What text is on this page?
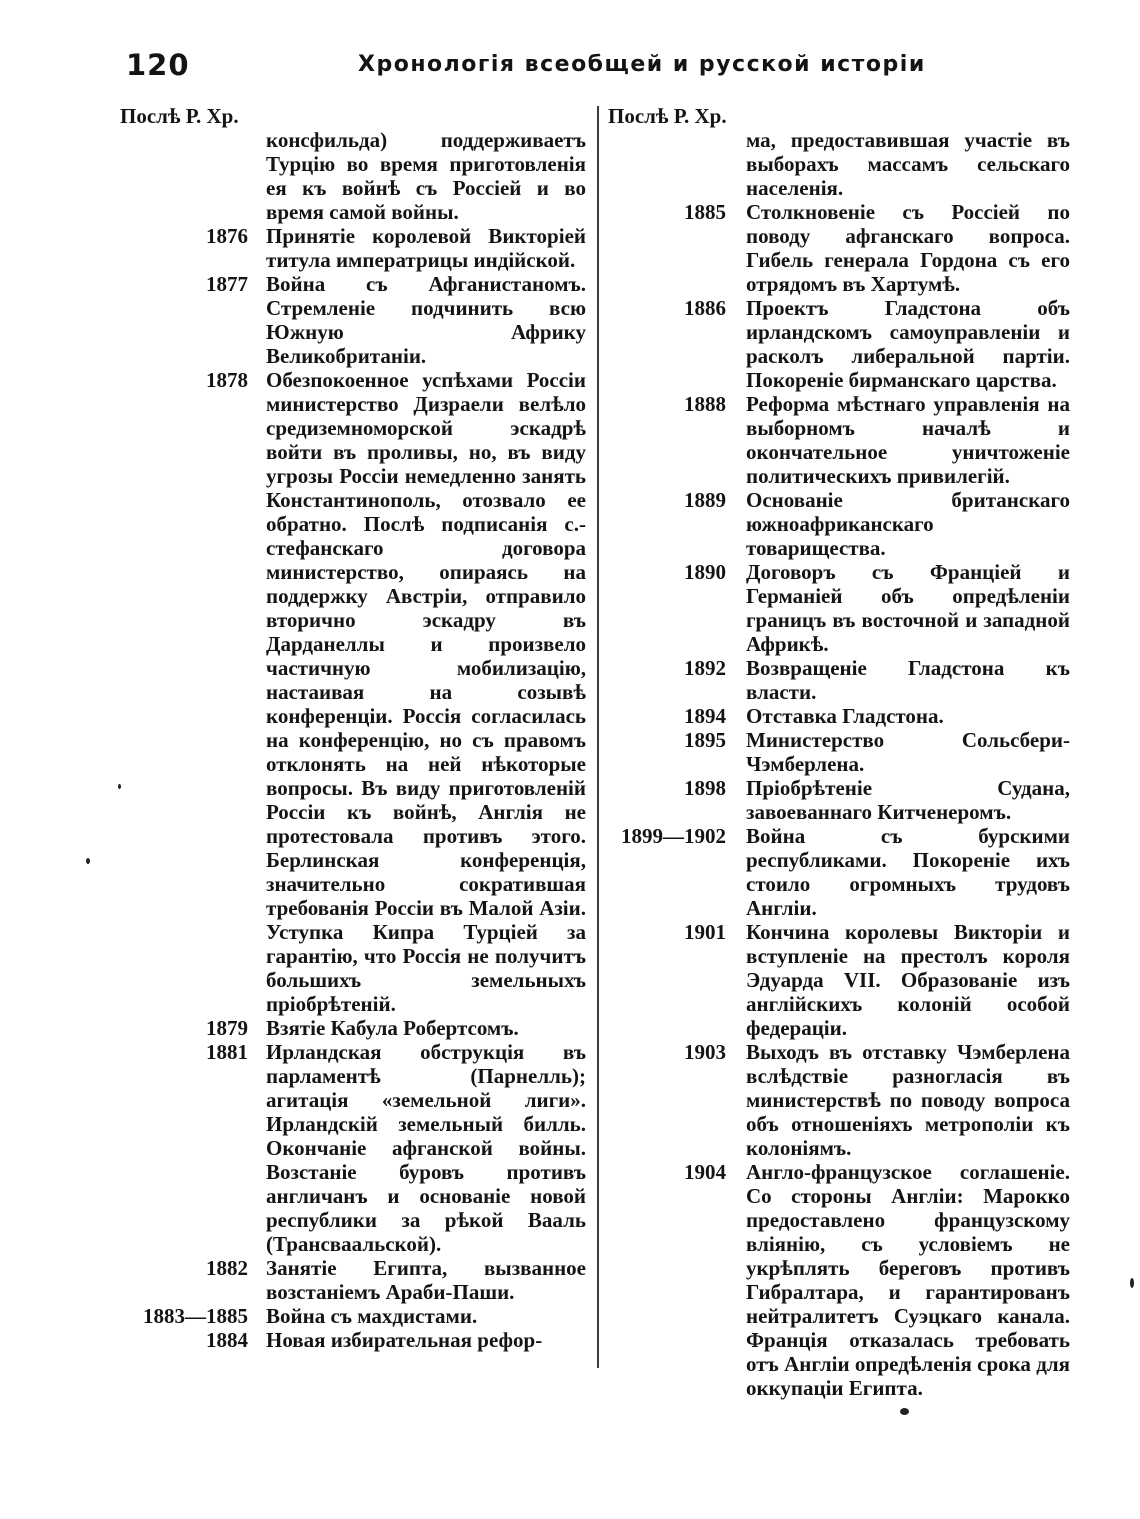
120	Хронологія всеобщей и русской исторіи
Послѣ Р. Хр.	Послѣ Р. Хр.
консфильда) поддерживаетъ Турцію во время приготовленія ея къ войнѣ съ Россіей и во время самой войны.
1876 Принятіе королевой Викторіей титула императрицы индійской.
1877 Война съ Афганистаномъ. Стремленіе подчинить всю Южную Африку Великобританіи.
1878 Обезпокоенное успѣхами Россіи министерство Дизраели велѣло средиземноморской эскадрѣ войти въ проливы, но, въ виду угрозы Россіи немедленно занять Константинополь, отозвало ее обратно. Послѣ подписанія с.-стефанскаго договора министерство, опираясь на поддержку Австріи, отправило вторично эскадру въ Дарданеллы и произвело частичную мобилизацію, настаивая на созывѣ конференціи. Россія согласилась на конференцію, но съ правомъ отклонять на ней нѣкоторые вопросы. Въ виду приготовленій Россіи къ войнѣ, Англія не протестовала противъ этого. Берлинская конференція, значительно сократившая требованія Россіи въ Малой Азіи. Уступка Кипра Турціей за гарантію, что Россія не получитъ большихъ земельныхъ пріобрѣтеній.
1879 Взятіе Кабула Робертсомъ.
1881 Ирландская обструкція въ парламентѣ (Парнелль); агитація «земельной лиги». Ирландскій земельный билль. Окончаніе афганской войны. Возстаніе буровъ противъ англичанъ и основаніе новой республики за рѣкой Вааль (Трансваальской).
1882 Занятіе Египта, вызванное возстаніемъ Араби-Паши.
1883—1885 Война съ махдистами.
1884 Новая избирательная рефор-
ма, предоставившая участіе въ выборахъ массамъ сельскаго населенія.
1885 Столкновеніе съ Россіей по поводу афганскаго вопроса. Гибель генерала Гордона съ его отрядомъ въ Хартумѣ.
1886 Проектъ Гладстона объ ирландскомъ самоуправленіи и расколъ либеральной партіи. Покореніе бирманскаго царства.
1888 Реформа мѣстнаго управленія на выборномъ началѣ и окончательное уничтоженіе политическихъ привилегій.
1889 Основаніе британскаго южноафриканскаго товарищества.
1890 Договоръ съ Франціей и Германіей объ опредѣленіи границъ въ восточной и западной Африкѣ.
1892 Возвращеніе Гладстона къ власти.
1894 Отставка Гладстона.
1895 Министерство Сольсбери-Чэмберлена.
1898 Пріобрѣтеніе Судана, завоеваннаго Китченеромъ.
1899—1902 Война съ бурскими республиками. Покореніе ихъ стоило огромныхъ трудовъ Англіи.
1901 Кончина королевы Викторіи и вступленіе на престолъ короля Эдуарда VII. Образованіе изъ англійскихъ колоній особой федераціи.
1903 Выходъ въ отставку Чэмберлена вслѣдствіе разногласія въ министерствѣ по поводу вопроса объ отношеніяхъ метрополіи къ колоніямъ.
1904 Англо-французское соглашеніе. Со стороны Англіи: Марокко предоставлено французскому вліянію, съ условіемъ не укрѣплять береговъ противъ Гибралтара, и гарантированъ нейтралитетъ Суэцкаго канала. Франція отказалась требовать отъ Англіи опредѣленія срока для оккупаціи Египта.
